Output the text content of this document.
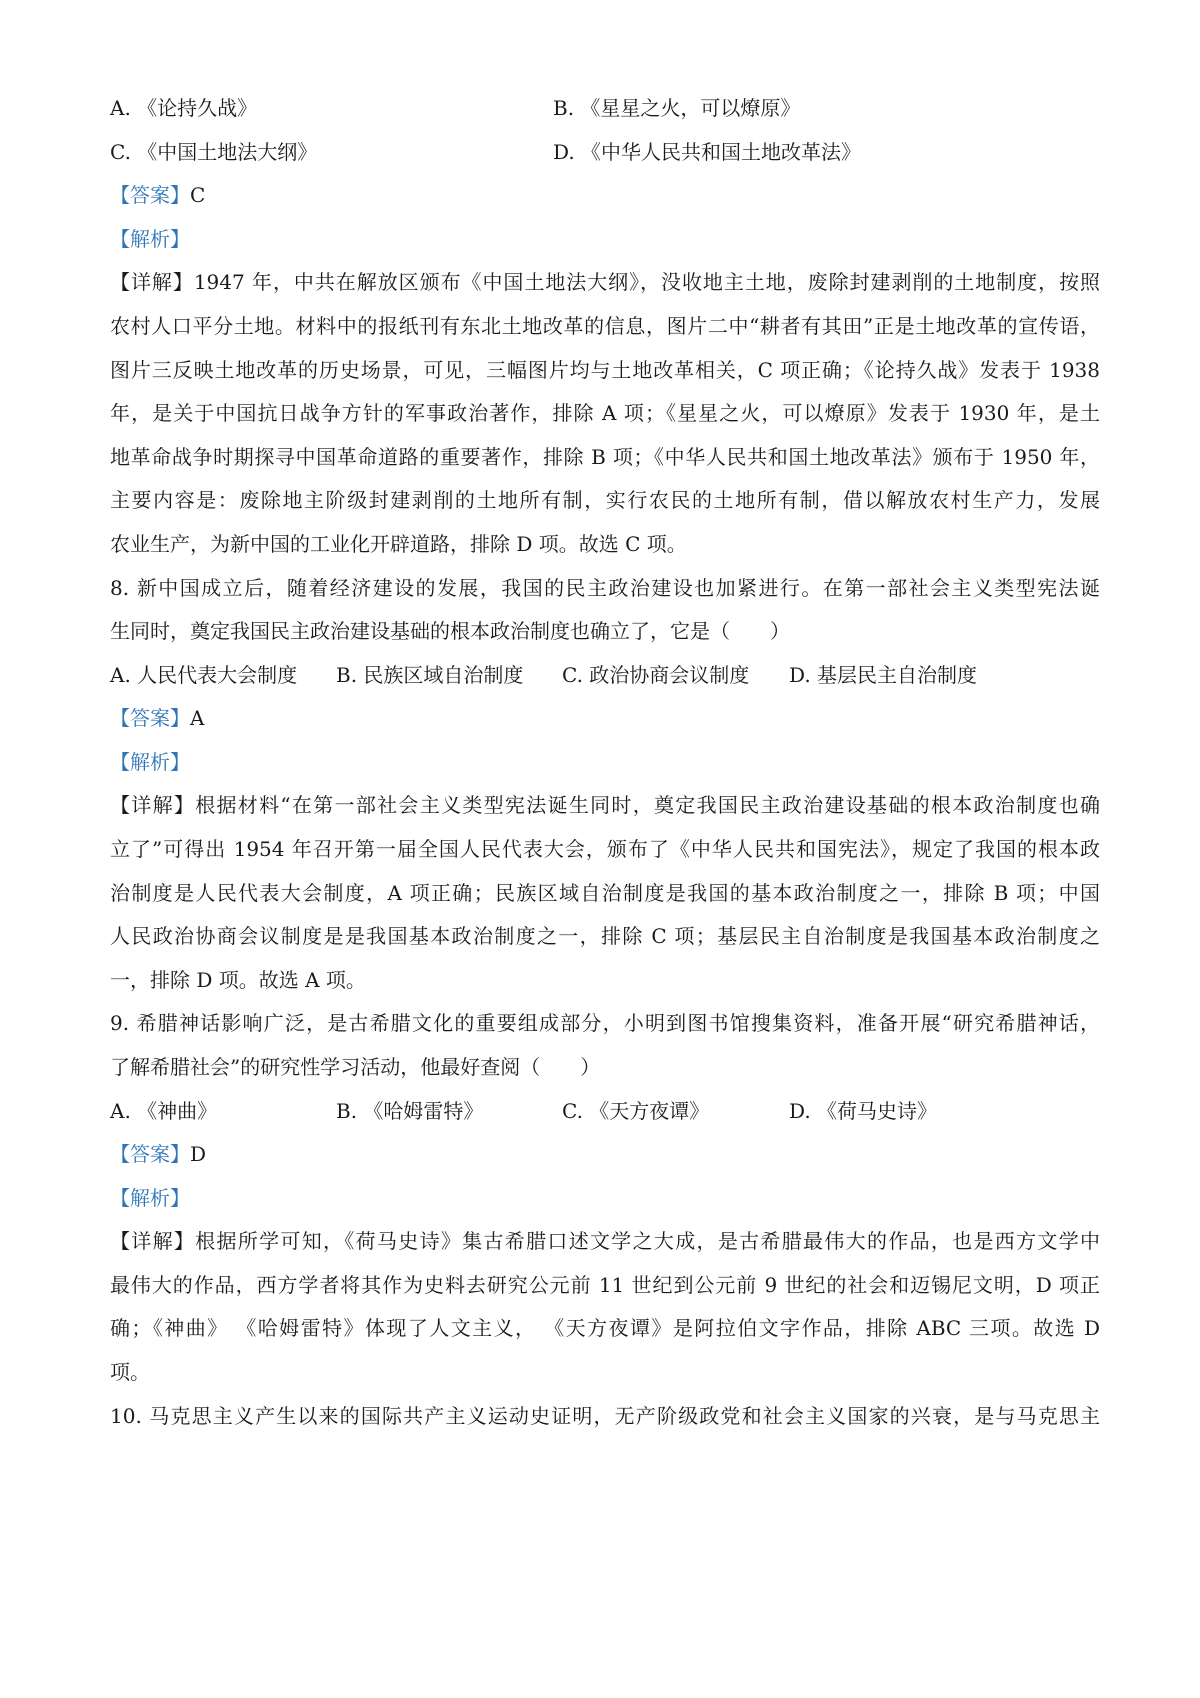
A. 《论持久战》	B. 《星星之火，可以燎原》
C. 《中国土地法大纲》	D. 《中华人民共和国土地改革法》
【答案】C
【解析】
【详解】1947 年，中共在解放区颁布《中国土地法大纲》，没收地主土地，废除封建剥削的土地制度，按照
农村人口平分土地。材料中的报纸刊有东北土地改革的信息，图片二中“耕者有其田”正是土地改革的宣传语，
图片三反映土地改革的历史场景，可见，三幅图片均与土地改革相关，C 项正确；《论持久战》发表于 1938
年，是关于中国抗日战争方针的军事政治著作，排除 A 项；《星星之火，可以燎原》发表于 1930 年，是土
地革命战争时期探寻中国革命道路的重要著作，排除 B 项；《中华人民共和国土地改革法》颁布于 1950 年，
主要内容是：废除地主阶级封建剥削的土地所有制，实行农民的土地所有制，借以解放农村生产力，发展
农业生产，为新中国的工业化开辟道路，排除 D 项。故选 C 项。
8. 新中国成立后，随着经济建设的发展，我国的民主政治建设也加紧进行。在第一部社会主义类型宪法诞
生同时，奠定我国民主政治建设基础的根本政治制度也确立了，它是（　　）
A. 人民代表大会制度 B. 民族区域自治制度 C. 政治协商会议制度 D. 基层民主自治制度
【答案】A
【解析】
【详解】根据材料“在第一部社会主义类型宪法诞生同时，奠定我国民主政治建设基础的根本政治制度也确
立了”可得出 1954 年召开第一届全国人民代表大会，颁布了《中华人民共和国宪法》，规定了我国的根本政
治制度是人民代表大会制度，A 项正确；民族区域自治制度是我国的基本政治制度之一，排除 B 项；中国
人民政治协商会议制度是是我国基本政治制度之一，排除 C 项；基层民主自治制度是我国基本政治制度之
一，排除 D 项。故选 A 项。
9. 希腊神话影响广泛，是古希腊文化的重要组成部分，小明到图书馆搜集资料，准备开展“研究希腊神话，
了解希腊社会”的研究性学习活动，他最好查阅（　　）
A. 《神曲》	B. 《哈姆雷特》	C. 《天方夜谭》	D. 《荷马史诗》
【答案】D
【解析】
【详解】根据所学可知，《荷马史诗》集古希腊口述文学之大成，是古希腊最伟大的作品，也是西方文学中
最伟大的作品，西方学者将其作为史料去研究公元前 11 世纪到公元前 9 世纪的社会和迈锡尼文明，D 项正
确；《神曲》 《哈姆雷特》体现了人文主义， 《天方夜谭》是阿拉伯文字作品，排除 ABC 三项。故选 D
项。
10. 马克思主义产生以来的国际共产主义运动史证明，无产阶级政党和社会主义国家的兴衰，是与马克思主
